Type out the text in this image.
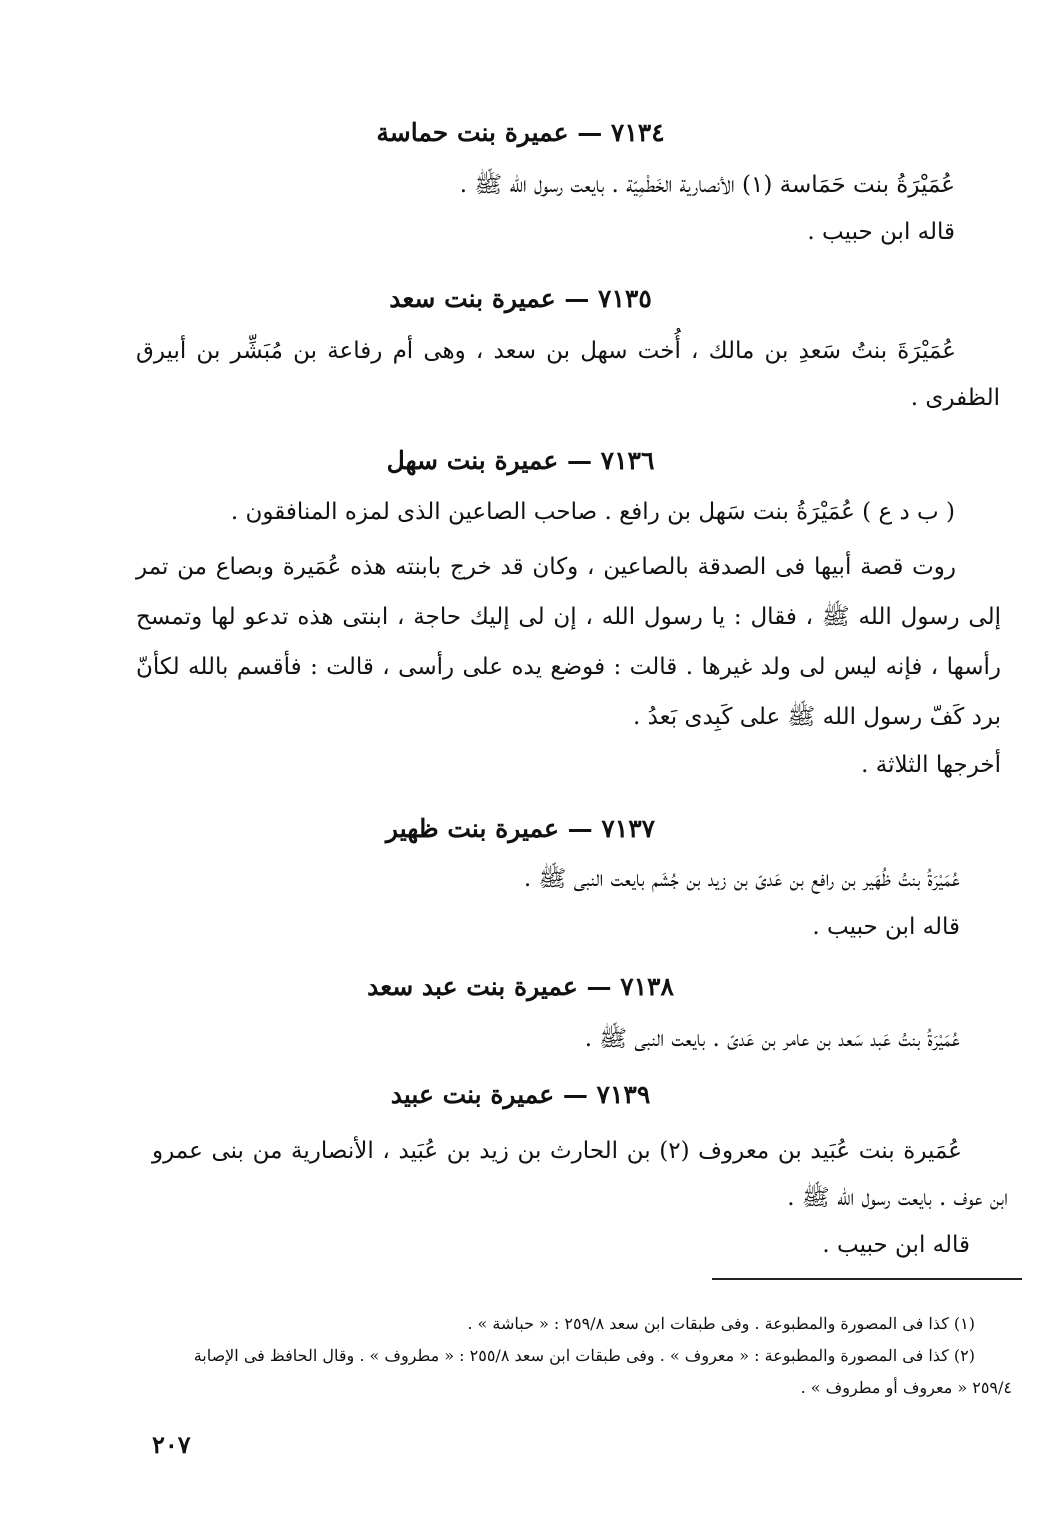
٧١٣٤ — عميرة بنت حماسة
عُمَيْرَةُ بنت حَمَاسة (١) الأنصارية الخَطْمِيّة . بايعت رسول الله ﷺ .
قاله ابن حبيب .
٧١٣٥ — عميرة بنت سعد
عُمَيْرَةَ بنتُ سَعدِ بن مالك ، أُخت سهل بن سعد ، وهى أم رفاعة بن مُبَشِّر بن أبيرق
الظفرى .
٧١٣٦ — عميرة بنت سهل
( ب د ع ) عُمَيْرَةُ بنت سَهل بن رافع . صاحب الصاعين الذى لمزه المنافقون .
روت قصة أبيها فى الصدقة بالصاعين ، وكان قد خرج بابنته هذه عُمَيرة وبصاع من تمر
إلى رسول الله ﷺ ، فقال : يا رسول الله ، إن لى إليك حاجة ، ابنتى هذه تدعو لها وتمسح
رأسها ، فإنه ليس لى ولد غيرها . قالت : فوضع يده على رأسى ، قالت : فأقسم بالله لكأنّ
برد كَفّ رسول الله ﷺ على كَبِدى بَعدُ .
أخرجها الثلاثة .
٧١٣٧ — عميرة بنت ظهير
عُمَيْرَةُ بنتُ ظُهَير بن رافع بن عَدىّ بن زيد بن جُشَم بايعت النبى ﷺ .
قاله ابن حبيب .
٧١٣٨ — عميرة بنت عبد سعد
عُمَيْرَةُ بنتُ عَبد سَعد بن عامر بن عَدىّ . بايعت النبى ﷺ .
٧١٣٩ — عميرة بنت عبيد
عُمَيرة بنت عُبَيد بن معروف (٢) بن الحارث بن زيد بن عُبَيد ، الأنصارية من بنى عمرو
ابن عوف . بايعت رسول الله ﷺ .
قاله ابن حبيب .
(١) كذا فى المصورة والمطبوعة . وفى طبقات ابن سعد ٢٥٩/٨ : « حباشة » .
(٢) كذا فى المصورة والمطبوعة : « معروف » . وفى طبقات ابن سعد ٢٥٥/٨ : « مطروف » . وقال الحافظ فى الإصابة
٢٥٩/٤ « معروف أو مطروف » .
٢٠٧
